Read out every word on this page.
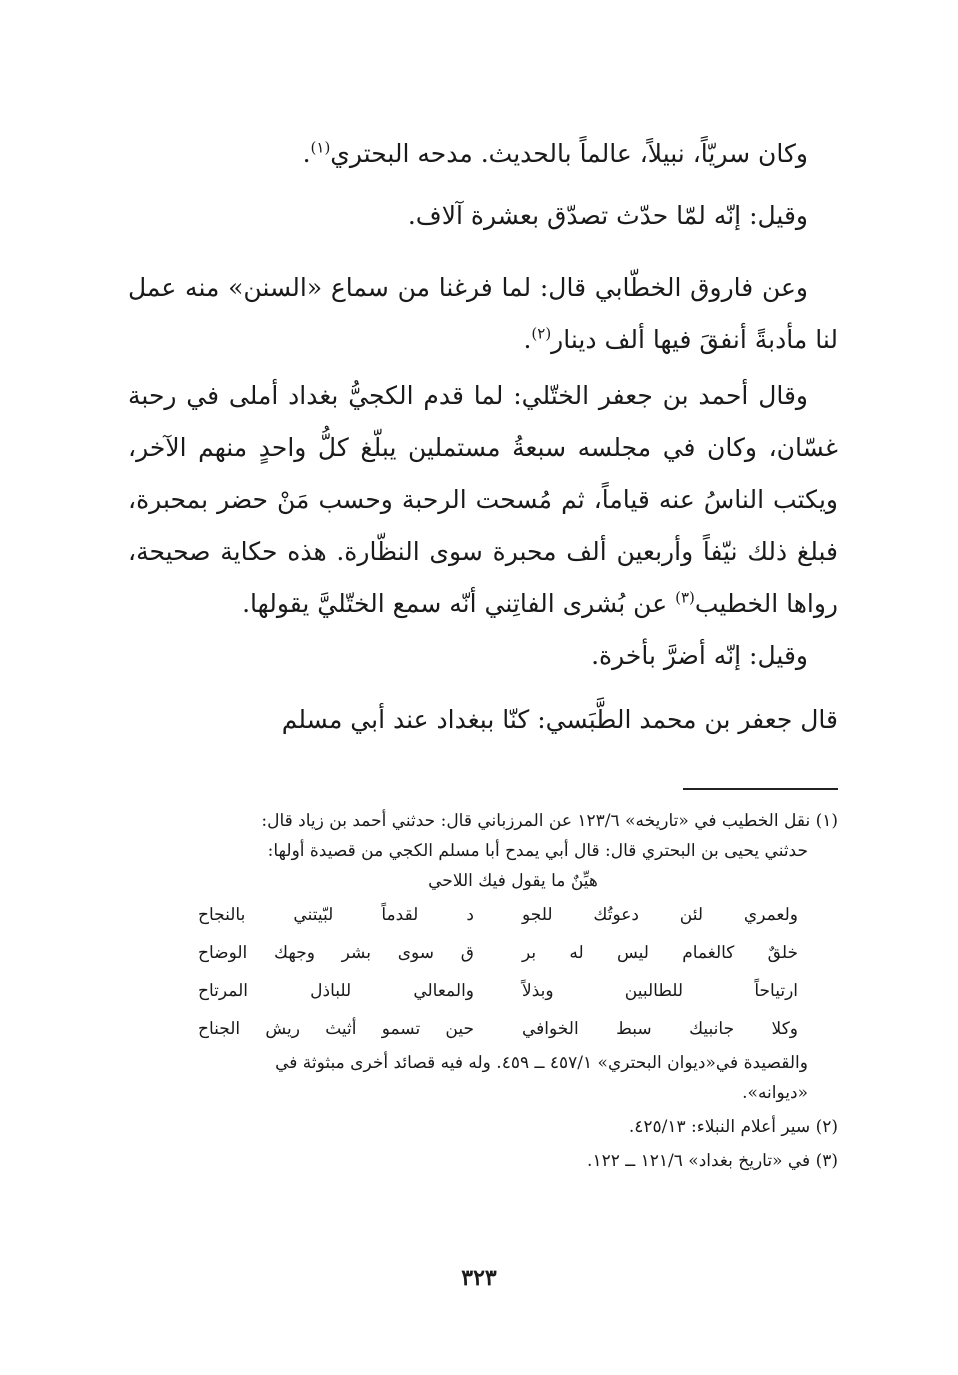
وكان سريّاً، نبيلاً، عالماً بالحديث. مدحه البحتري$^{(١)}$.

وقيل: إنّه لمّا حدّث تصدّق بعشرة آلاف.

وعن فاروق الخطّابي قال: لما فرغنا من سماع «السنن» منه عمل لنا مأدبةً أنفقَ فيها ألف دينار$^{(٢)}$.

وقال أحمد بن جعفر الختّلي: لما قدم الكجيُّ بغداد أملى في رحبة غسّان، وكان في مجلسه سبعةُ مستملين يبلّغ كلُّ واحدٍ منهم الآخر، ويكتب الناسُ عنه قياماً، ثم مُسحت الرحبة وحسب مَنْ حضر بمحبرة، فبلغ ذلك نيّفاً وأربعين ألف محبرة سوى النظّارة. هذه حكاية صحيحة، رواها الخطيب$^{(٣)}$ عن بُشرى الفاتِني أنّه سمع الختّليَّ يقولها.

وقيل: إنّه أضرَّ بأخرة.

قال جعفر بن محمد الطَّبَسي: كنّا ببغداد عند أبي مسلم

(١) نقل الخطيب في «تاريخه» ١٢٣/٦ عن المرزباني قال: حدثني أحمد بن زياد قال:

حدثني يحيى بن البحتري قال: قال أبي يمدح أبا مسلم الكجي من قصيدة أولها:

هيِّنٌ ما يقول فيك اللاحي

ولعمري لئن دعوتُك للجو
د لقدماً لبّيتني بالنجاح
خلقٌ كالغمام ليس له بر
ق سوى بشر وجهك الوضاح
ارتياحاً للطالبين وبذلاً
والمعالي للباذل المرتاح
وكلا جانبيك سبط الخوافي
حين تسمو أثيث ريش الجناح

والقصيدة في«ديوان البحتري» ٤٥٧/١ ــ ٤٥٩. وله فيه قصائد أخرى مبثوثة في

«ديوانه».

(٢) سير أعلام النبلاء: ٤٢٥/١٣.

(٣) في «تاريخ بغداد» ١٢١/٦ ــ ١٢٢.

٣٢٣
